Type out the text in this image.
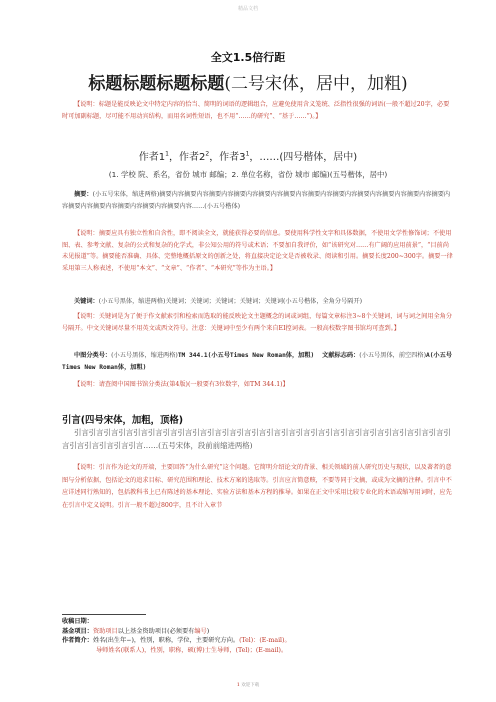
精品文档
全文1.5倍行距
标题标题标题标题(二号宋体，居中，加粗)
【说明：标题是能反映论文中特定内容的恰当、简明的词语的逻辑组合，应避免使用含义笼统、泛指性很强的词语(一般不超过20字，必要时可加副标题，尽可能不用动宾结构，而用名词性短语，也不用“……的研究”、“基于……”)。】
作者$1^1$，作者$2^2$，作者$3^1$，……(四号楷体，居中)
(1. 学校 院、系名，省份 城市 邮编；2. 单位名称，省份 城市 邮编)(五号楷体，居中)
摘要：(小五号宋体，缩进两格)摘要内容摘要内容摘要内容摘要内容摘要内容摘要内容摘要内容摘要内容摘要内容摘要内容摘要内容摘要内容摘要内容摘要内容摘要内容摘要内容摘要内容……(小五号楷体)
【说明：摘要应具有独立性和自含性，即不阅读全文，就能获得必要的信息。要使用科学性文字和具体数据，不使用文学性修饰词；不使用图、表、参考文献、复杂的公式和复杂的化学式，非公知公用的符号或术语；不要加自我评价，如“该研究对……有广阔的应用前景”，“目前尚未见报道”等。摘要能否准确、具体、完整地概括原文的创新之处，将直接决定论文是否被收录、阅读和引用。摘要长度200~300字。摘要一律采用第三人称表述，不使用“本文”、“文章”、“作者”、“本研究”等作为主语。】
关键词：(小五号黑体，缩进两格)关键词；关键词；关键词；关键词；关键词(小五号楷体，全角分号隔开)
【说明：关键词是为了便于作文献索引和检索而选取的能反映论文主题概念的词或词组，每篇文章标注3~8个关键词，词与词之间用全角分号隔开。中文关键词尽量不用英文或西文符号。注意：关键词中至少有两个来自EI控词表。一般高校数字图书馆均可查到。】
中图分类号：(小五号黑体，缩进两格)TM 344.1(小五号Times New Roman体，加粗) 文献标志码：(小五号黑体，前空四格)A(小五号Times New Roman体，加粗)
【说明：请查阅中国图书馆分类法(第4版)(一般要有3位数字，如TM 344.1)】
引言(四号宋体，加粗，顶格)
引言引言引言引言引言引言引言引言引言引言引言引言引言引言引言引言引言引言引言引言引言引言引言引言引言引言引言引言引言引言引言……(五号宋体，段前前缩进两格)
【说明：引言作为论文的开端，主要回答“为什么研究”这个问题。它简明介绍论文的背景、相关领域的前人研究历史与现状，以及著者的意图与分析依据，包括论文的追求目标、研究范围和理论、技术方案的选取等。引言应言简意赅，不要等同于文摘，或成为文摘的注释。引言中不应详述同行熟知的，包括教科书上已有陈述的基本理论、实验方法和基本方程的推导。如果在正文中采用比较专业化的术语或缩写用词时，应先在引言中定义说明。引言一般不超过800字，且不计入章节
收稿日期：
基金项目：资助项目以上基金资助项目(必须要有编号)
作者简介：姓名(出生年−)，性别，职称，学位，主要研究方向。(Tel)：(E-mail)。
导师姓名(联系人)，性别，职称，硕(博)士生导师，(Tel)；(E-mail)。
1 欢迎下载
